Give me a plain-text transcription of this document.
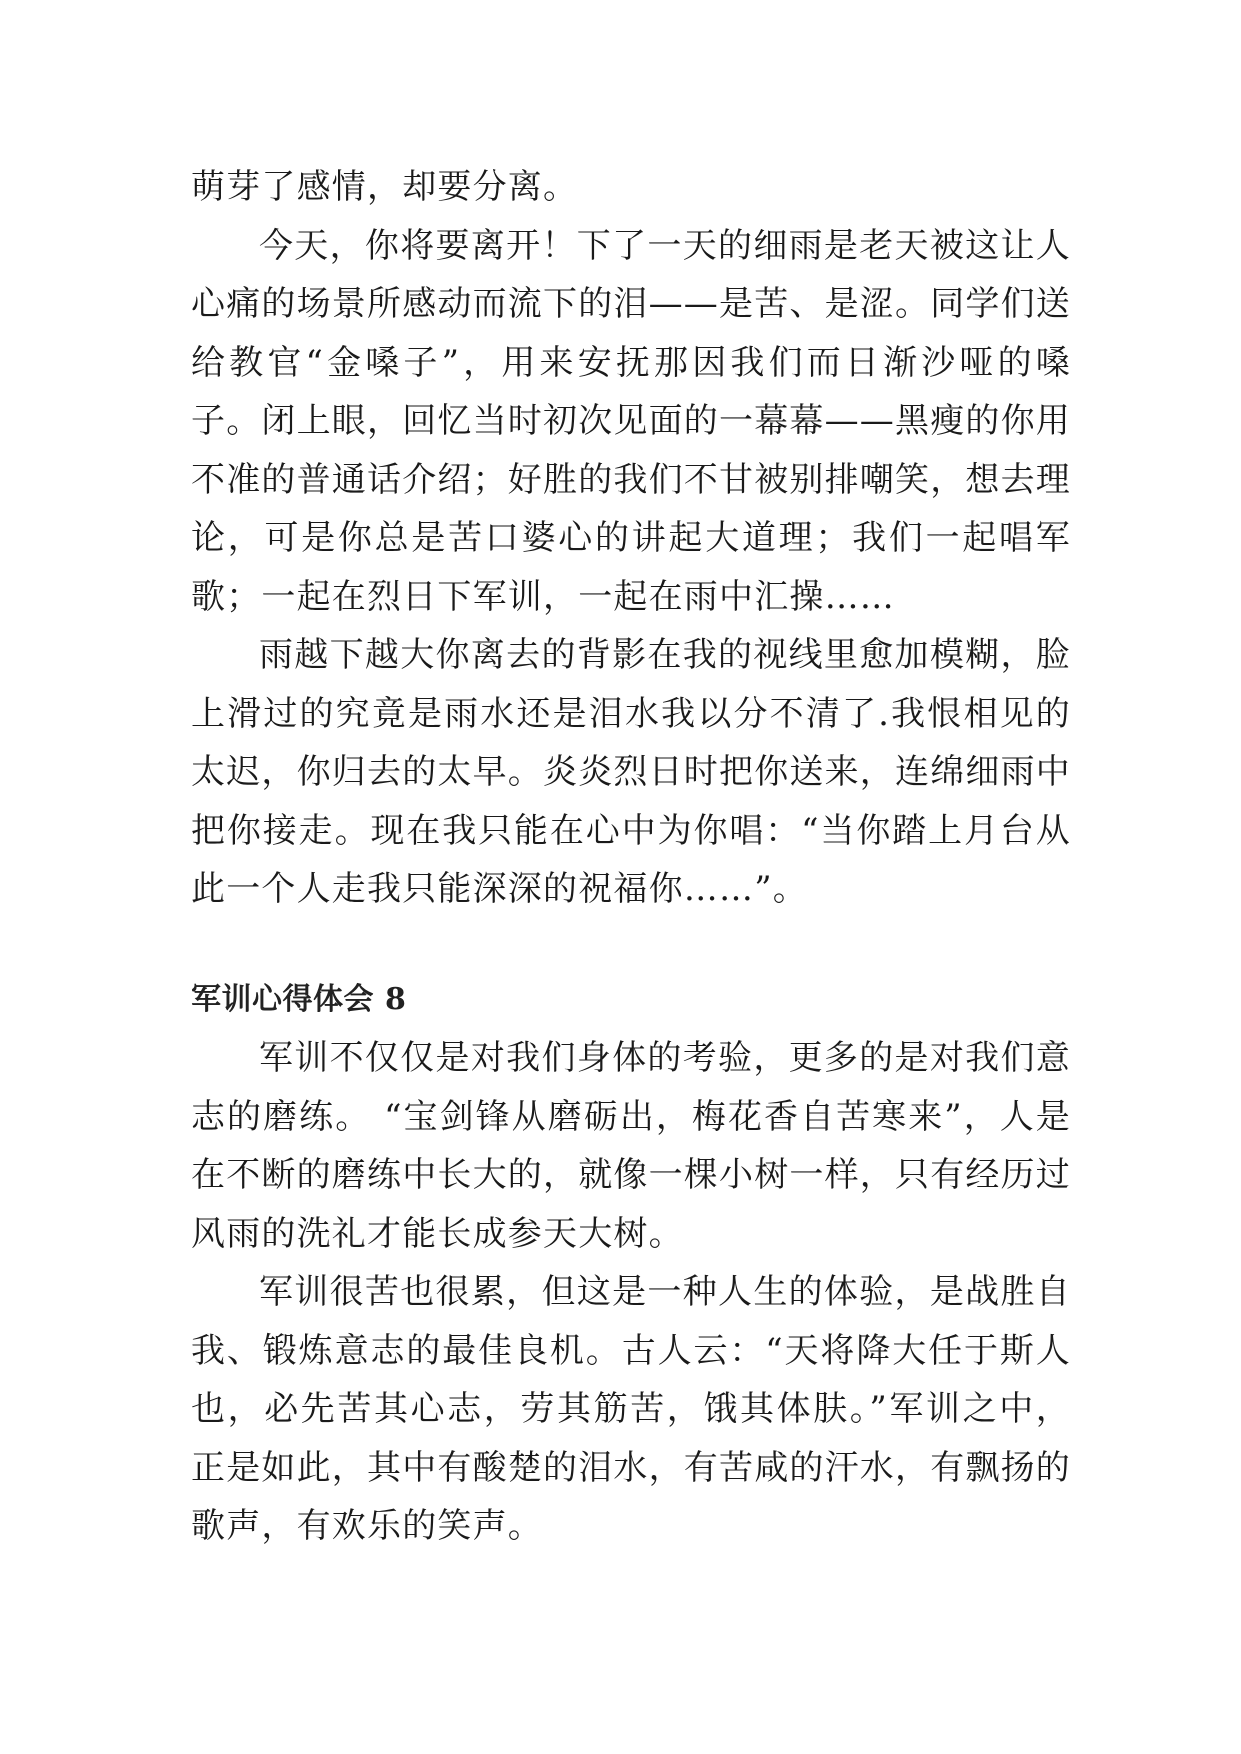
萌芽了感情，却要分离。

今天，你将要离开！下了一天的细雨是老天被这让人心痛的场景所感动而流下的泪——是苦、是涩。同学们送给教官“金嗓子”，用来安抚那因我们而日渐沙哑的嗓子。闭上眼，回忆当时初次见面的一幕幕——黑瘦的你用不准的普通话介绍；好胜的我们不甘被别排嘲笑，想去理论，可是你总是苦口婆心的讲起大道理；我们一起唱军歌；一起在烈日下军训，一起在雨中汇操……

雨越下越大你离去的背影在我的视线里愈加模糊，脸上滑过的究竟是雨水还是泪水我以分不清了.我恨相见的太迟，你归去的太早。炎炎烈日时把你送来，连绵细雨中把你接走。现在我只能在心中为你唱：“当你踏上月台从此一个人走我只能深深的祝福你……”。

军训心得体会 8

军训不仅仅是对我们身体的考验，更多的是对我们意志的磨练。 “宝剑锋从磨砺出，梅花香自苦寒来”，人是在不断的磨练中长大的，就像一棵小树一样，只有经历过风雨的洗礼才能长成参天大树。

军训很苦也很累，但这是一种人生的体验，是战胜自我、锻炼意志的最佳良机。古人云：“天将降大任于斯人也，必先苦其心志，劳其筋苦，饿其体肤。”军训之中，正是如此，其中有酸楚的泪水，有苦咸的汗水，有飘扬的歌声，有欢乐的笑声。
